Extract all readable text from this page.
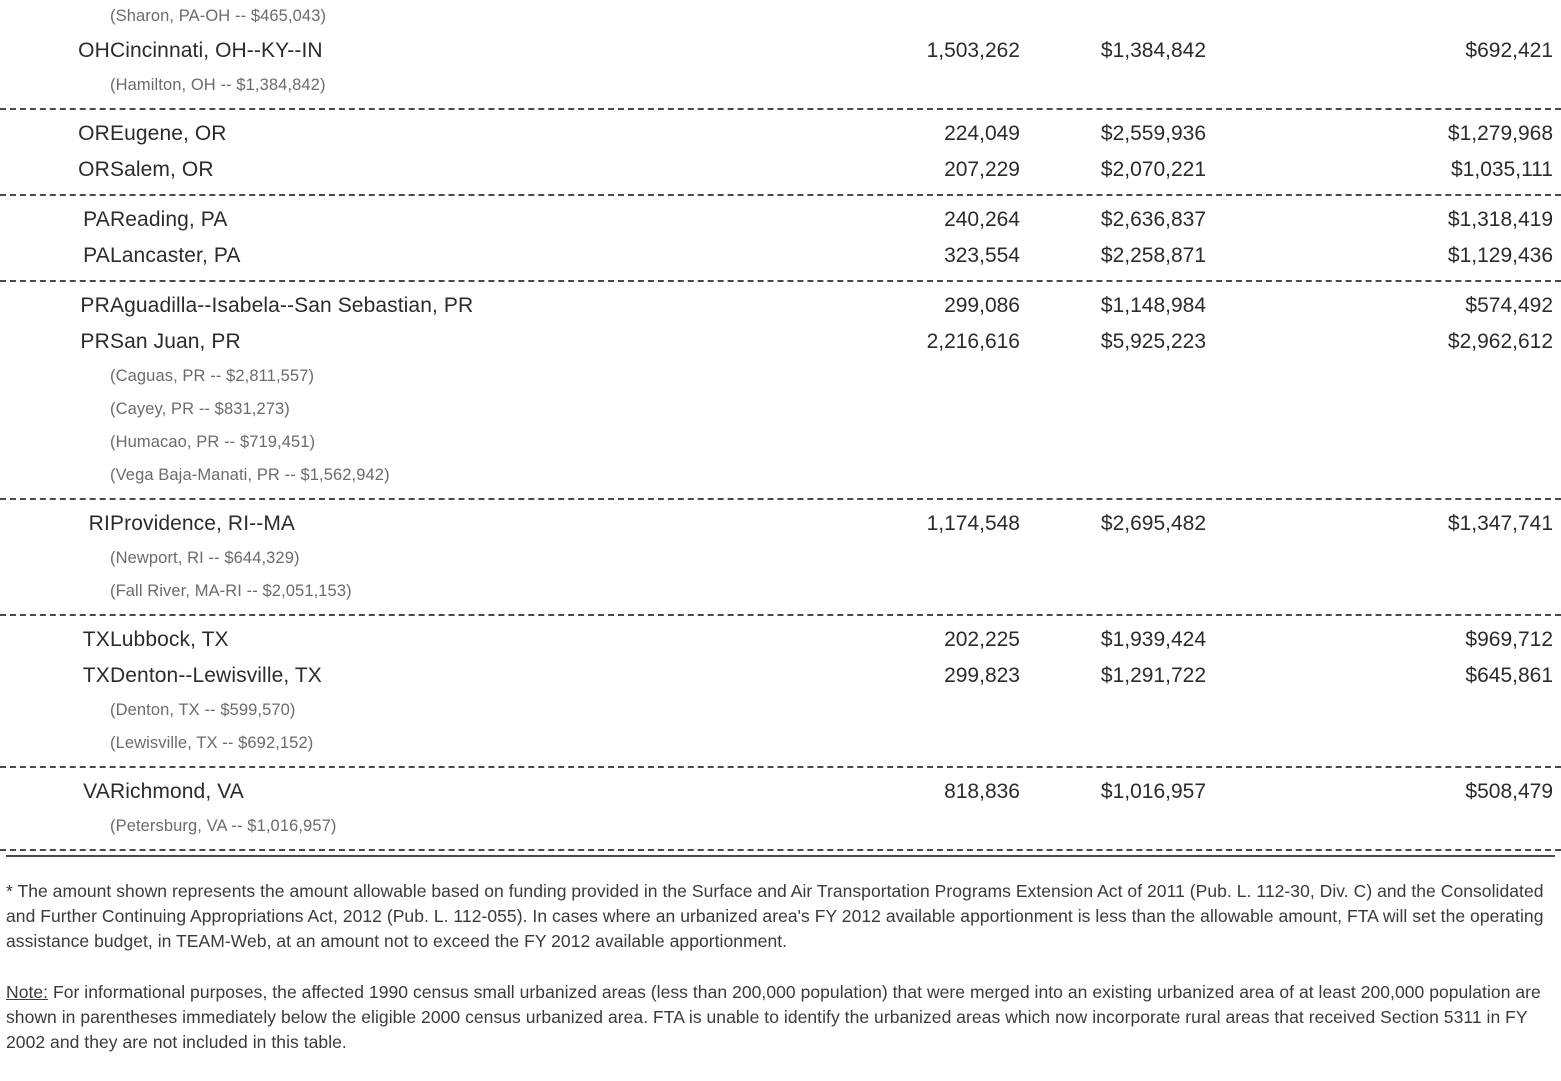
	(Sharon, PA-OH -- $465,043)			
OH	Cincinnati, OH--KY--IN	1,503,262	$1,384,842	$692,421
	(Hamilton, OH -- $1,384,842)			

OR	Eugene, OR	224,049	$2,559,936	$1,279,968
OR	Salem, OR	207,229	$2,070,221	$1,035,111

PA	Reading, PA	240,264	$2,636,837	$1,318,419
PA	Lancaster, PA	323,554	$2,258,871	$1,129,436

PR	Aguadilla--Isabela--San Sebastian, PR	299,086	$1,148,984	$574,492
PR	San Juan, PR	2,216,616	$5,925,223	$2,962,612
	(Caguas, PR -- $2,811,557)			
	(Cayey, PR -- $831,273)			
	(Humacao, PR -- $719,451)			
	(Vega Baja-Manati, PR -- $1,562,942)			

RI	Providence, RI--MA	1,174,548	$2,695,482	$1,347,741
	(Newport, RI -- $644,329)			
	(Fall River, MA-RI -- $2,051,153)			

TX	Lubbock, TX	202,225	$1,939,424	$969,712
TX	Denton--Lewisville, TX	299,823	$1,291,722	$645,861
	(Denton, TX -- $599,570)			
	(Lewisville, TX -- $692,152)			

VA	Richmond, VA	818,836	$1,016,957	$508,479
	(Petersburg, VA -- $1,016,957)			

* The amount shown represents the amount allowable based on funding provided in the Surface and Air Transportation Programs Extension Act of 2011 (Pub. L. 112-30, Div. C) and the Consolidated and Further Continuing Appropriations Act, 2012 (Pub. L. 112-055). In cases where an urbanized area's FY 2012 available apportionment is less than the allowable amount, FTA will set the operating assistance budget, in TEAM-Web, at an amount not to exceed the FY 2012 available apportionment.

Note: For informational purposes, the affected 1990 census small urbanized areas (less than 200,000 population) that were merged into an existing urbanized area of at least 200,000 population are shown in parentheses immediately below the eligible 2000 census urbanized area. FTA is unable to identify the urbanized areas which now incorporate rural areas that received Section 5311 in FY 2002 and they are not included in this table.
